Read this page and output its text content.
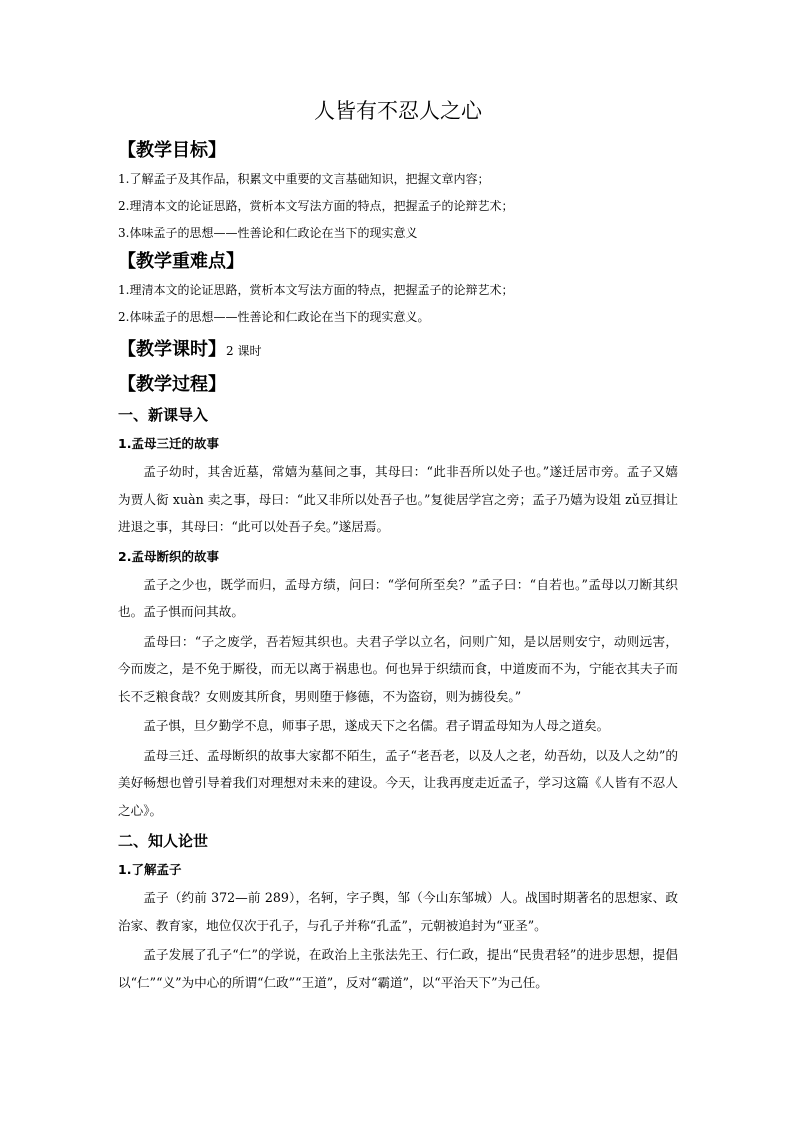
人皆有不忍人之心
【教学目标】

1.了解孟子及其作品，积累文中重要的文言基础知识，把握文章内容；

2.理清本文的论证思路，赏析本文写法方面的特点，把握孟子的论辩艺术；

3.体味孟子的思想——性善论和仁政论在当下的现实意义

【教学重难点】

1.理清本文的论证思路，赏析本文写法方面的特点，把握孟子的论辩艺术；

2.体味孟子的思想——性善论和仁政论在当下的现实意义。

【教学课时】2 课时
【教学过程】
一、新课导入
1.孟母三迁的故事

孟子幼时，其舍近墓，常嬉为墓间之事，其母曰：“此非吾所以处子也。”遂迁居市旁。孟子又嬉为贾人衒 xuàn 卖之事，母曰：“此又非所以处吾子也。”复徙居学宫之旁；孟子乃嬉为设俎 zǔ豆揖让进退之事，其母曰：“此可以处吾子矣。”遂居焉。

2.孟母断织的故事

孟子之少也，既学而归，孟母方绩，问曰：“学何所至矣？”孟子曰：“自若也。”孟母以刀断其织也。孟子惧而问其故。

孟母曰：“子之废学，吾若短其织也。夫君子学以立名，问则广知，是以居则安宁，动则远害，今而废之，是不免于厮役，而无以离于祸患也。何也异于织绩而食，中道废而不为，宁能衣其夫子而长不乏粮食哉？女则废其所食，男则堕于修德，不为盗窃，则为掳役矣。”

孟子惧，旦夕勤学不息，师事子思，遂成天下之名儒。君子谓孟母知为人母之道矣。

孟母三迁、孟母断织的故事大家都不陌生，孟子“老吾老，以及人之老，幼吾幼，以及人之幼”的美好畅想也曾引导着我们对理想对未来的建设。今天，让我再度走近孟子，学习这篇《人皆有不忍人之心》。

二、知人论世
1.了解孟子

孟子（约前 372—前 289），名轲，字子舆，邹（今山东邹城）人。战国时期著名的思想家、政治家、教育家，地位仅次于孔子，与孔子并称“孔孟”，元朝被追封为“亚圣”。

孟子发展了孔子“仁”的学说，在政治上主张法先王、行仁政，提出“民贵君轻”的进步思想，提倡以“仁”“义”为中心的所谓“仁政”“王道”，反对“霸道”，以“平治天下”为己任。
